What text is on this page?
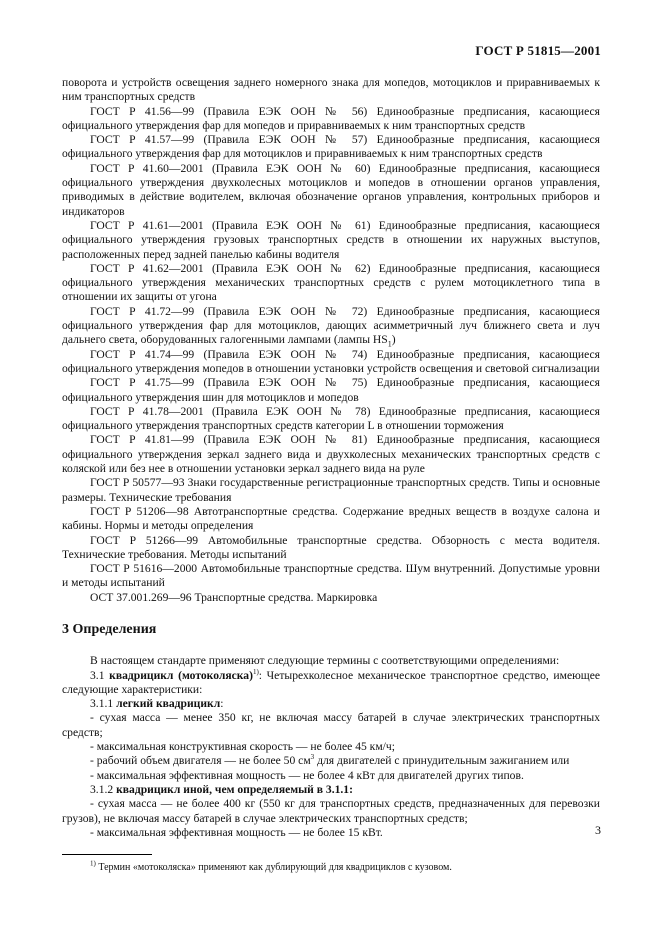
ГОСТ Р 51815—2001

поворота и устройств освещения заднего номерного знака для мопедов, мотоциклов и приравниваемых к ним транспортных средств

ГОСТ Р 41.56—99 (Правила ЕЭК ООН № 56) Единообразные предписания, касающиеся официального утверждения фар для мопедов и приравниваемых к ним транспортных средств

ГОСТ Р 41.57—99 (Правила ЕЭК ООН № 57) Единообразные предписания, касающиеся официального утверждения фар для мотоциклов и приравниваемых к ним транспортных средств

ГОСТ Р 41.60—2001 (Правила ЕЭК ООН № 60) Единообразные предписания, касающиеся официального утверждения двухколесных мотоциклов и мопедов в отношении органов управления, приводимых в действие водителем, включая обозначение органов управления, контрольных приборов и индикаторов

ГОСТ Р 41.61—2001 (Правила ЕЭК ООН № 61) Единообразные предписания, касающиеся официального утверждения грузовых транспортных средств в отношении их наружных выступов, расположенных перед задней панелью кабины водителя

ГОСТ Р 41.62—2001 (Правила ЕЭК ООН № 62) Единообразные предписания, касающиеся официального утверждения механических транспортных средств с рулем мотоциклетного типа в отношении их защиты от угона

ГОСТ Р 41.72—99 (Правила ЕЭК ООН № 72) Единообразные предписания, касающиеся официального утверждения фар для мотоциклов, дающих асимметричный луч ближнего света и луч дальнего света, оборудованных галогенными лампами (лампы $HS_1$)

ГОСТ Р 41.74—99 (Правила ЕЭК ООН № 74) Единообразные предписания, касающиеся официального утверждения мопедов в отношении установки устройств освещения и световой сигнализации

ГОСТ Р 41.75—99 (Правила ЕЭК ООН № 75) Единообразные предписания, касающиеся официального утверждения шин для мотоциклов и мопедов

ГОСТ Р 41.78—2001 (Правила ЕЭК ООН № 78) Единообразные предписания, касающиеся официального утверждения транспортных средств категории L в отношении торможения

ГОСТ Р 41.81—99 (Правила ЕЭК ООН № 81) Единообразные предписания, касающиеся официального утверждения зеркал заднего вида и двухколесных механических транспортных средств с коляской или без нее в отношении установки зеркал заднего вида на руле

ГОСТ Р 50577—93 Знаки государственные регистрационные транспортных средств. Типы и основные размеры. Технические требования

ГОСТ Р 51206—98 Автотранспортные средства. Содержание вредных веществ в воздухе салона и кабины. Нормы и методы определения

ГОСТ Р 51266—99 Автомобильные транспортные средства. Обзорность с места водителя. Технические требования. Методы испытаний

ГОСТ Р 51616—2000 Автомобильные транспортные средства. Шум внутренний. Допустимые уровни и методы испытаний

ОСТ 37.001.269—96 Транспортные средства. Маркировка

3 Определения

В настоящем стандарте применяют следующие термины с соответствующими определениями:

3.1 квадрицикл (мотоколяска)$^{1)}$: Четырехколесное механическое транспортное средство, имеющее следующие характеристики:

3.1.1 легкий квадрицикл:

- сухая масса — менее 350 кг, не включая массу батарей в случае электрических транспортных средств;

- максимальная конструктивная скорость — не более 45 км/ч;

- рабочий объем двигателя — не более 50 $см^3$ для двигателей с принудительным зажиганием или

- максимальная эффективная мощность — не более 4 кВт для двигателей других типов.

3.1.2 квадрицикл иной, чем определяемый в 3.1.1:

- сухая масса — не более 400 кг (550 кг для транспортных средств, предназначенных для перевозки грузов), не включая массу батарей в случае электрических транспортных средств;

- максимальная эффективная мощность — не более 15 кВт.

$^{1)}$ Термин «мотоколяска» применяют как дублирующий для квадрициклов с кузовом.

3
